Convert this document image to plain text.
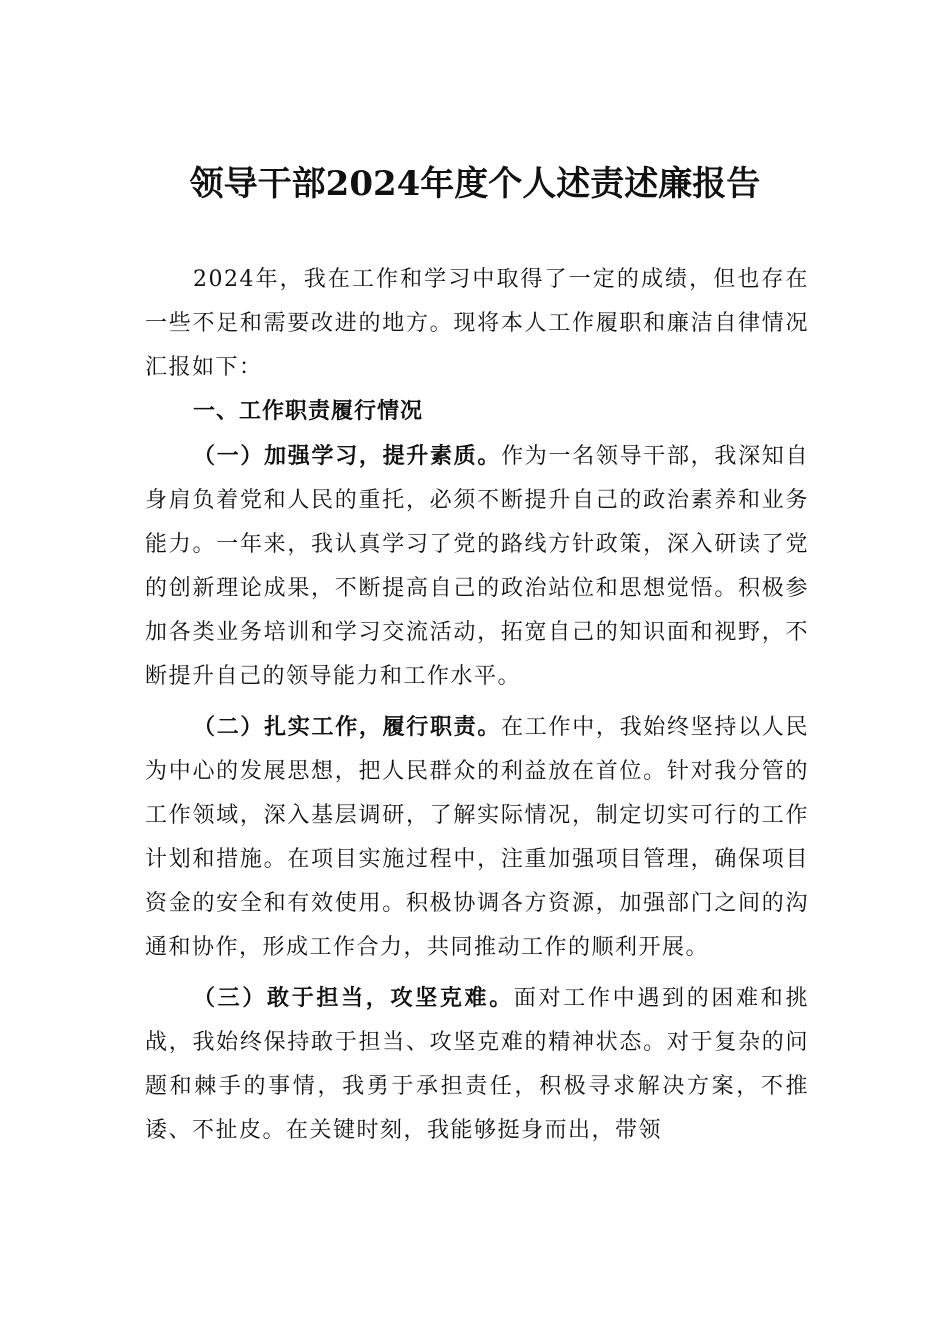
领导干部2024年度个人述责述廉报告

2024年，我在工作和学习中取得了一定的成绩，但也存在一些不足和需要改进的地方。现将本人工作履职和廉洁自律情况汇报如下：

一、工作职责履行情况

（一）加强学习，提升素质。作为一名领导干部，我深知自身肩负着党和人民的重托，必须不断提升自己的政治素养和业务能力。一年来，我认真学习了党的路线方针政策，深入研读了党的创新理论成果，不断提高自己的政治站位和思想觉悟。积极参加各类业务培训和学习交流活动，拓宽自己的知识面和视野，不断提升自己的领导能力和工作水平。

（二）扎实工作，履行职责。在工作中，我始终坚持以人民为中心的发展思想，把人民群众的利益放在首位。针对我分管的工作领域，深入基层调研，了解实际情况，制定切实可行的工作计划和措施。在项目实施过程中，注重加强项目管理，确保项目资金的安全和有效使用。积极协调各方资源，加强部门之间的沟通和协作，形成工作合力，共同推动工作的顺利开展。

（三）敢于担当，攻坚克难。面对工作中遇到的困难和挑战，我始终保持敢于担当、攻坚克难的精神状态。对于复杂的问题和棘手的事情，我勇于承担责任，积极寻求解决方案，不推诿、不扯皮。在关键时刻，我能够挺身而出，带领
